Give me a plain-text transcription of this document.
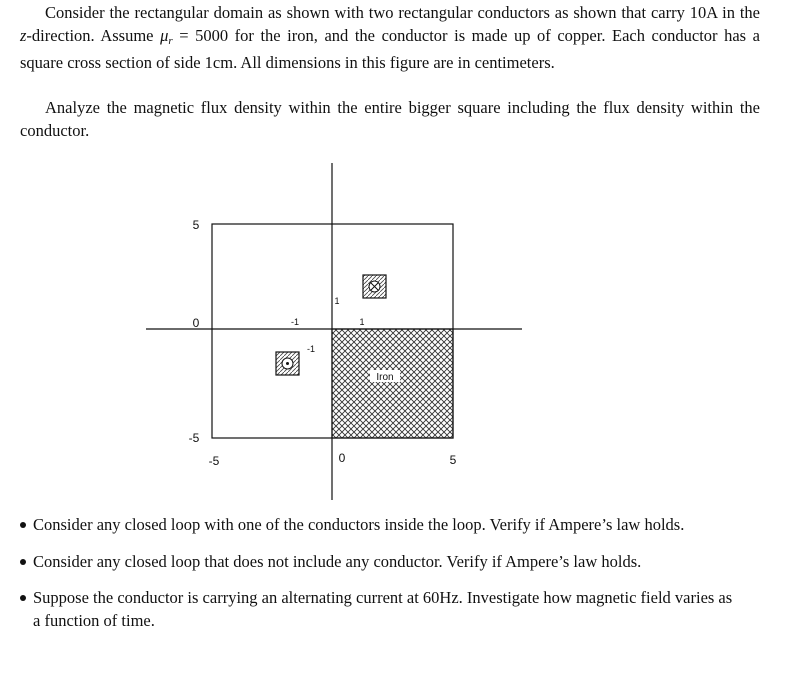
Consider the rectangular domain as shown with two rectangular conductors as shown that carry 10A in the z-direction. Assume $\mu_r = 5000$ for the iron, and the conductor is made up of copper. Each conductor has a square cross section of side 1cm. All dimensions in this figure are in centimeters.

Analyze the magnetic flux density within the entire bigger square including the flux density within the conductor.

Iron
5
0
-5
-5	0	5
-1
-1
1
1
Consider any closed loop with one of the conductors inside the loop. Verify if Ampere’s law holds.
Consider any closed loop that does not include any conductor. Verify if Ampere’s law holds.
Suppose the conductor is carrying an alternating current at 60Hz. Investigate how magnetic field varies as a function of time.
